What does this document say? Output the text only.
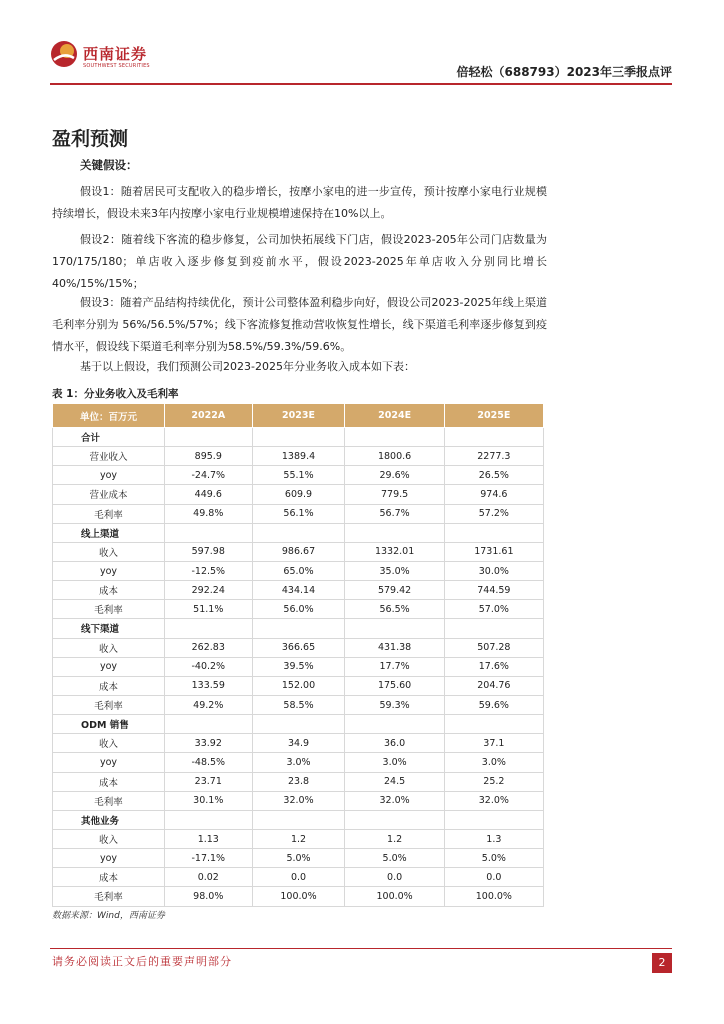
西南证券
SOUTHWEST SECURITIES	倍轻松（688793）2023年三季报点评
盈利预测
关键假设：

假设1：随着居民可支配收入的稳步增长，按摩小家电的进一步宣传，预计按摩小家电行业规模持续增长，假设未来3年内按摩小家电行业规模增速保持在10%以上。

假设2：随着线下客流的稳步修复，公司加快拓展线下门店，假设2023-205年公司门店数量为170/175/180；单店收入逐步修复到疫前水平，假设2023-2025年单店收入分别同比增长40%/15%/15%；

假设3：随着产品结构持续优化，预计公司整体盈利稳步向好，假设公司2023-2025年线上渠道毛利率分别为 56%/56.5%/57%；线下客流修复推动营收恢复性增长，线下渠道毛利率逐步修复到疫情水平，假设线下渠道毛利率分别为58.5%/59.3%/59.6%。

基于以上假设，我们预测公司2023-2025年分业务收入成本如下表：

表 1：分业务收入及毛利率
单位：百万元	2022A	2023E	2024E	2025E
合计				
营业收入	895.9	1389.4	1800.6	2277.3
yoy	-24.7%	55.1%	29.6%	26.5%
营业成本	449.6	609.9	779.5	974.6
毛利率	49.8%	56.1%	56.7%	57.2%
线上渠道				
收入	597.98	986.67	1332.01	1731.61
yoy	-12.5%	65.0%	35.0%	30.0%
成本	292.24	434.14	579.42	744.59
毛利率	51.1%	56.0%	56.5%	57.0%
线下渠道				
收入	262.83	366.65	431.38	507.28
yoy	-40.2%	39.5%	17.7%	17.6%
成本	133.59	152.00	175.60	204.76
毛利率	49.2%	58.5%	59.3%	59.6%
ODM 销售				
收入	33.92	34.9	36.0	37.1
yoy	-48.5%	3.0%	3.0%	3.0%
成本	23.71	23.8	24.5	25.2
毛利率	30.1%	32.0%	32.0%	32.0%
其他业务				
收入	1.13	1.2	1.2	1.3
yoy	-17.1%	5.0%	5.0%	5.0%
成本	0.02	0.0	0.0	0.0
毛利率	98.0%	100.0%	100.0%	100.0%
数据来源：Wind，西南证券
请务必阅读正文后的重要声明部分	2
